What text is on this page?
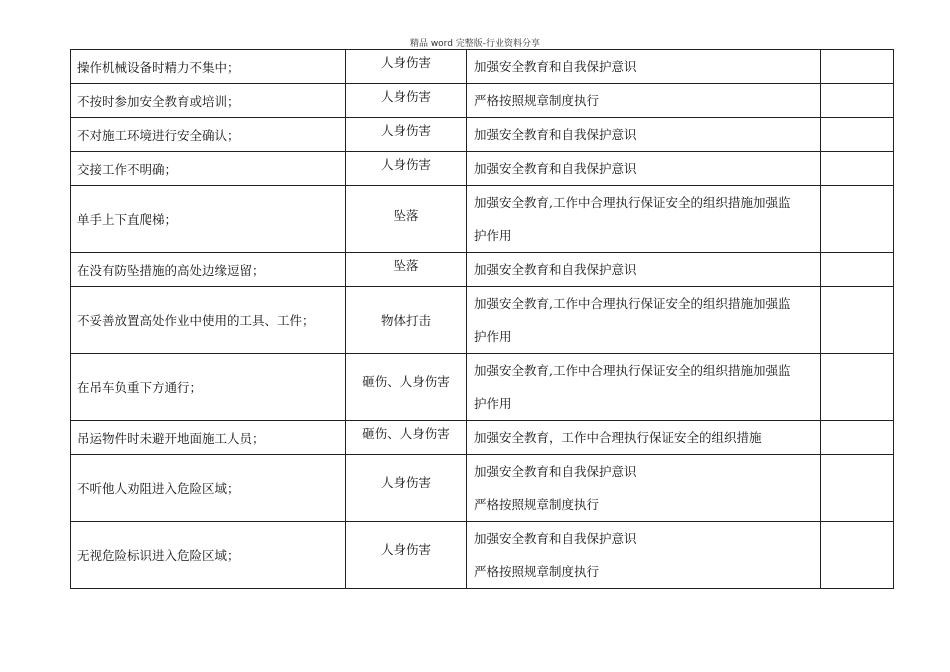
精品 word 完整版-行业资料分享
操作机械设备时精力不集中；	人身伤害	加强安全教育和自我保护意识	

不按时参加安全教育或培训；	人身伤害	严格按照规章制度执行	

不对施工环境进行安全确认；	人身伤害	加强安全教育和自我保护意识	

交接工作不明确；	人身伤害	加强安全教育和自我保护意识	

单手上下直爬梯；	坠落	加强安全教育,工作中合理执行保证安全的组织措施加强监
护作用	

在没有防坠措施的高处边缘逗留；	坠落	加强安全教育和自我保护意识	

不妥善放置高处作业中使用的工具、工件；	物体打击	加强安全教育,工作中合理执行保证安全的组织措施加强监
护作用	

在吊车负重下方通行；	砸伤、人身伤害	加强安全教育,工作中合理执行保证安全的组织措施加强监
护作用	

吊运物件时未避开地面施工人员；	砸伤、人身伤害	加强安全教育，工作中合理执行保证安全的组织措施	

不听他人劝阻进入危险区域；	人身伤害	加强安全教育和自我保护意识
严格按照规章制度执行	

无视危险标识进入危险区域；	人身伤害	加强安全教育和自我保护意识
严格按照规章制度执行	
